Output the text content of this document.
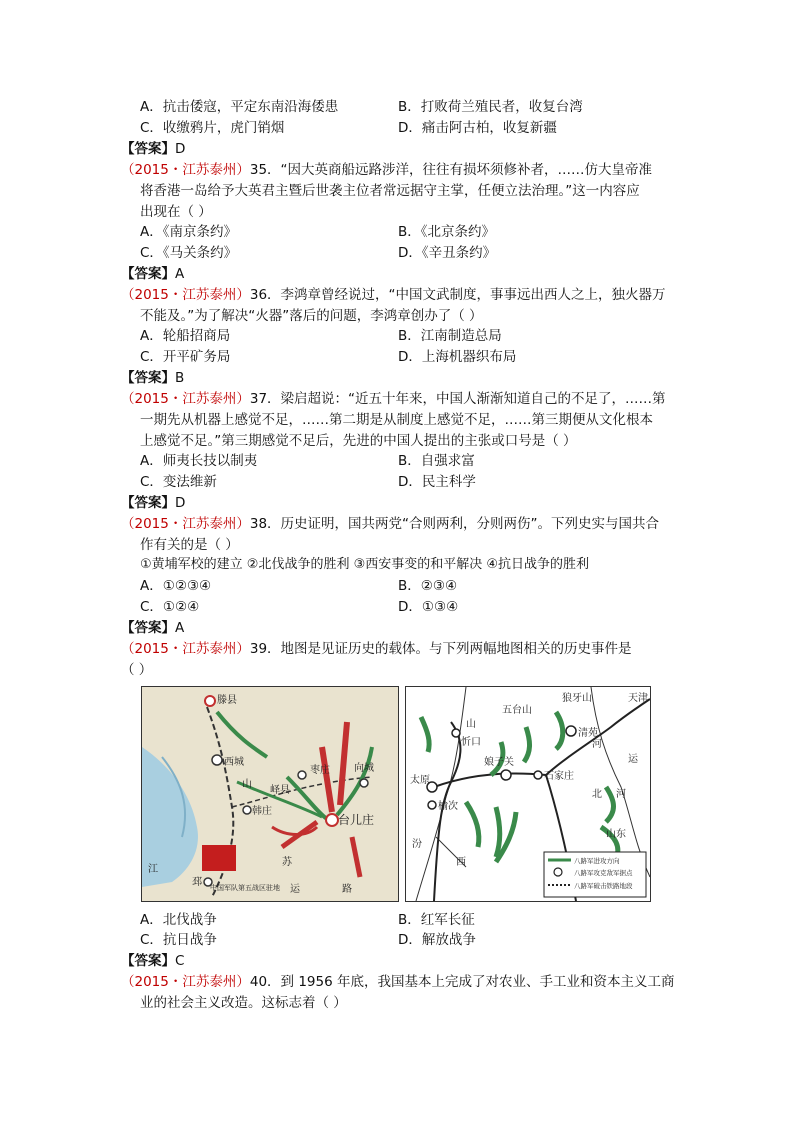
A．抗击倭寇，平定东南沿海倭患	B．打败荷兰殖民者，收复台湾
C．收缴鸦片，虎门销烟	D．痛击阿古柏，收复新疆
【答案】D
（2015・江苏泰州）35．“因大英商船远路涉洋，往往有损坏须修补者，……仿大皇帝准
将香港一岛给予大英君主暨后世袭主位者常远据守主掌，任便立法治理。”这一内容应
出现在（ ）
A．《南京条约》	B．《北京条约》
C．《马关条约》	D．《辛丑条约》
【答案】A
（2015・江苏泰州）36．李鸿章曾经说过，“中国文武制度，事事远出西人之上，独火器万
不能及。”为了解决“火器”落后的问题，李鸿章创办了（ ）
A．轮船招商局	B．江南制造总局
C．开平矿务局	D．上海机器织布局
【答案】B
（2015・江苏泰州）37．梁启超说：“近五十年来，中国人渐渐知道自己的不足了，……第
一期先从机器上感觉不足，……第二期是从制度上感觉不足，……第三期便从文化根本
上感觉不足。”第三期感觉不足后，先进的中国人提出的主张或口号是（ ）
A．师夷长技以制夷	B．自强求富
C．变法维新	D．民主科学
【答案】D
（2015・江苏泰州）38．历史证明，国共两党“合则两利，分则两伤”。下列史实与国共合
作有关的是（ ）
①黄埔军校的建立 ②北伐战争的胜利 ③西安事变的和平解决 ④抗日战争的胜利
A．①②③④	B．②③④
C．①②④	D．①③④
【答案】A
（2015・江苏泰州）39．地图是见证历史的载体。与下列两幅地图相关的历史事件是
（ ）
滕县
枣庄 向城
西城
山
峄县
韩庄
台儿庄
江
苏
邳 中国军队第五战区驻地 运	路
八路军进攻方向
八路军攻克敌军据点
八路军破击铁路地段
五台山
狼牙山	天津
山
忻口
清苑
太原
娘子关
石家庄
榆次
北 河
山东
西
汾
运
河
A．北伐战争	B．红军长征
C．抗日战争	D．解放战争
【答案】C
（2015・江苏泰州）40．到 1956 年底，我国基本上完成了对农业、手工业和资本主义工商
业的社会主义改造。这标志着（ ）
